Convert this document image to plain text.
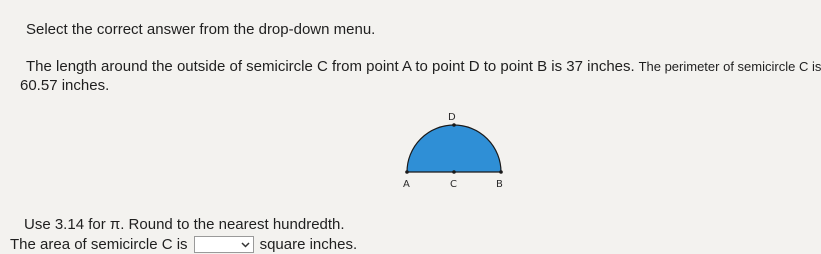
Select the correct answer from the drop-down menu.
The length around the outside of semicircle C from point A to point D to point B is 37 inches. The perimeter of semicircle C is
60.57 inches.
D
A	C	B
Use 3.14 for π. Round to the nearest hundredth.
The area of semicircle C is	square inches.
